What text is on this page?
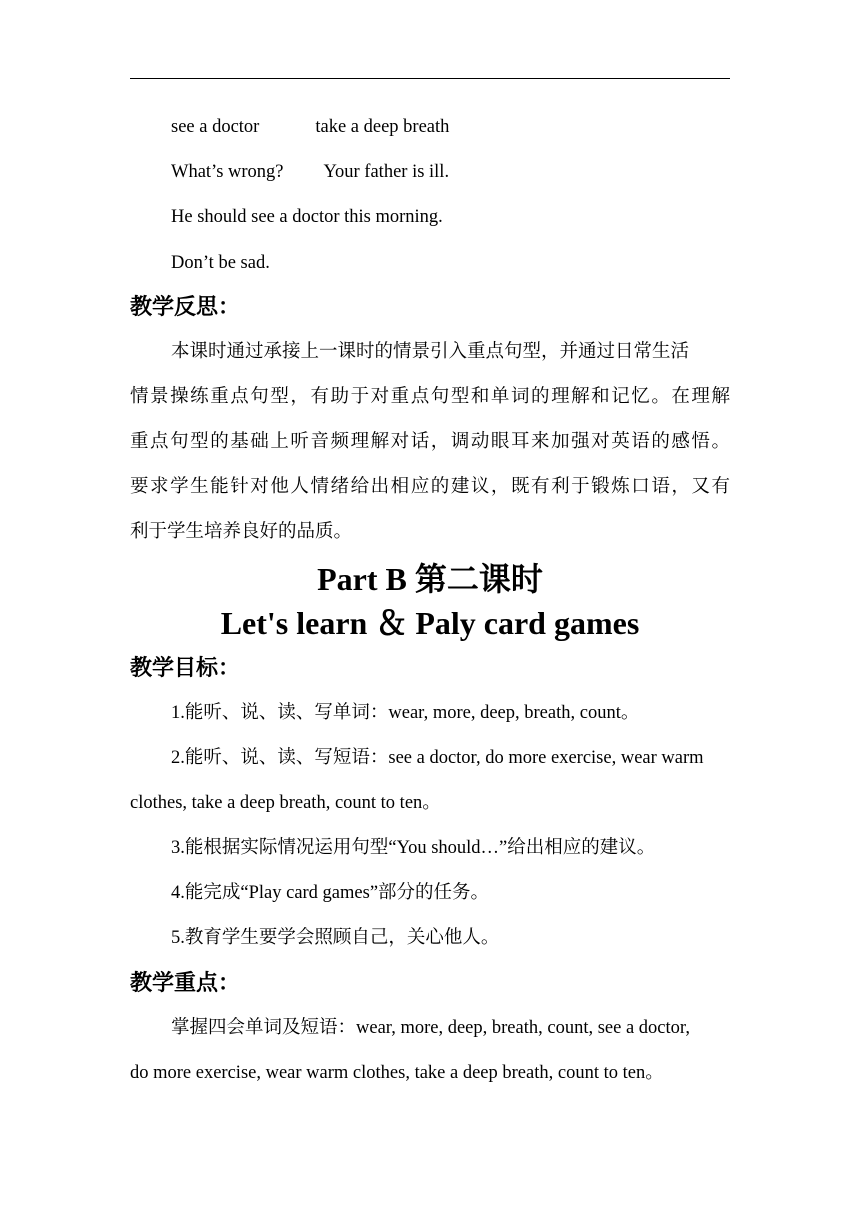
see a doctor	take a deep breath
What’s wrong? Your father is ill.
He should see a doctor this morning.
Don’t be sad.
教学反思：
本课时通过承接上一课时的情景引入重点句型，并通过日常生活
情景操练重点句型，有助于对重点句型和单词的理解和记忆。在理解
重点句型的基础上听音频理解对话，调动眼耳来加强对英语的感悟。
要求学生能针对他人情绪给出相应的建议，既有利于锻炼口语，又有
利于学生培养良好的品质。
Part B 第二课时
Let's learn ＆ Paly card games
教学目标：
1.能听、说、读、写单词：wear, more, deep, breath, count。
2.能听、说、读、写短语：see a doctor, do more exercise, wear warm
clothes, take a deep breath, count to ten。
3.能根据实际情况运用句型“You should…”给出相应的建议。
4.能完成“Play card games”部分的任务。
5.教育学生要学会照顾自己，关心他人。
教学重点：
掌握四会单词及短语：wear, more, deep, breath, count, see a doctor,
do more exercise, wear warm clothes, take a deep breath, count to ten。
